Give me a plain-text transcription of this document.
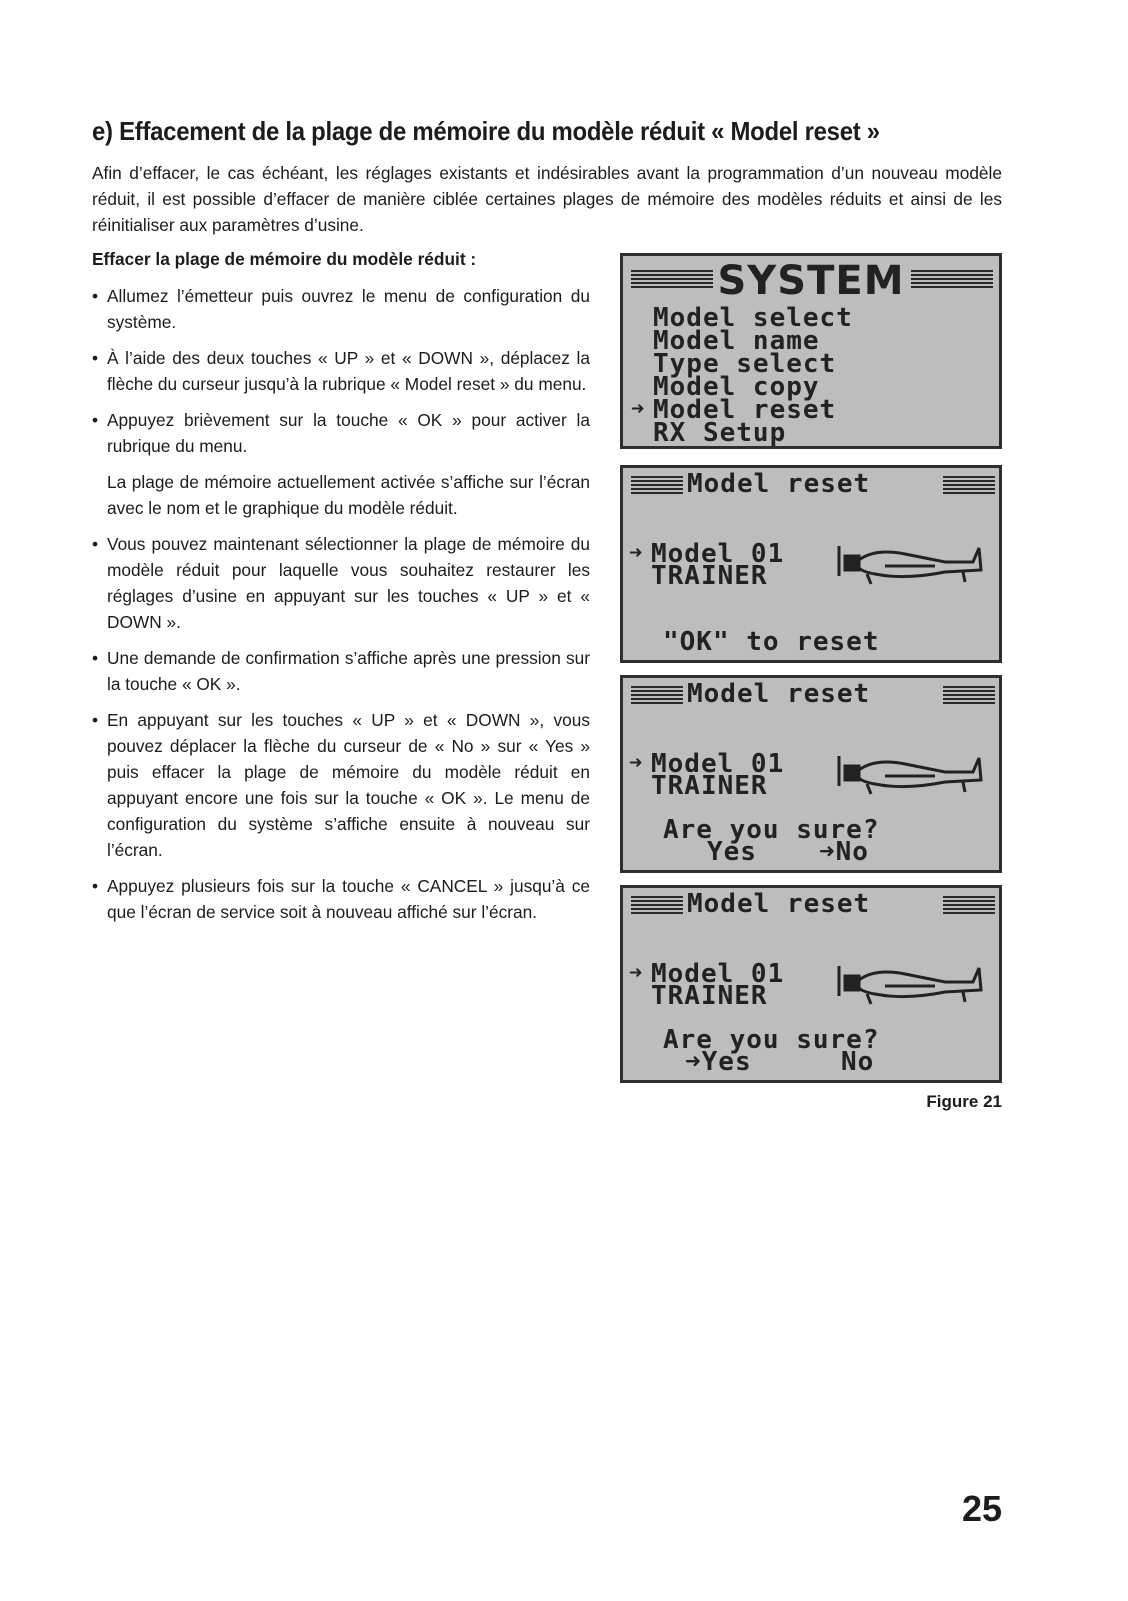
e) Effacement de la plage de mémoire du modèle réduit « Model reset »

Afin d’effacer, le cas échéant, les réglages existants et indésirables avant la programmation d’un nouveau modèle réduit, il est possible d’effacer de manière ciblée certaines plages de mémoire des modèles réduits et ainsi de les réinitialiser aux paramètres d’usine.

Effacer la plage de mémoire du modèle réduit :

• Allumez l’émetteur puis ouvrez le menu de configuration du système.
• À l’aide des deux touches « UP » et « DOWN », déplacez la flèche du curseur jusqu’à la rubrique « Model reset » du menu.
• Appuyez brièvement sur la touche « OK » pour activer la rubrique du menu.
La plage de mémoire actuellement activée s’affiche sur l’écran avec le nom et le graphique du modèle réduit.
• Vous pouvez maintenant sélectionner la plage de mémoire du modèle réduit pour laquelle vous souhaitez restaurer les réglages d’usine en appuyant sur les touches « UP » et « DOWN ».
• Une demande de confirmation s’affiche après une pression sur la touche « OK ».
• En appuyant sur les touches « UP » et « DOWN », vous pouvez déplacer la flèche du curseur de « No » sur « Yes » puis effacer la plage de mémoire du modèle réduit en appuyant encore une fois sur la touche « OK ». Le menu de configuration du système s’affiche ensuite à nouveau sur l’écran.
• Appuyez plusieurs fois sur la touche « CANCEL » jusqu’à ce que l’écran de service soit à nouveau affiché sur l’écran.
SYSTEM
Model select
Model name
Type select
Model copy
➜ Model reset
RX Setup
Model reset
➜ Model 01
TRAINER
"OK" to reset
Model reset
➜ Model 01
TRAINER
Are you sure?
Yes ➜No
Model reset
➜ Model 01
TRAINER
Are you sure?
➜Yes	No
Figure 21
25
